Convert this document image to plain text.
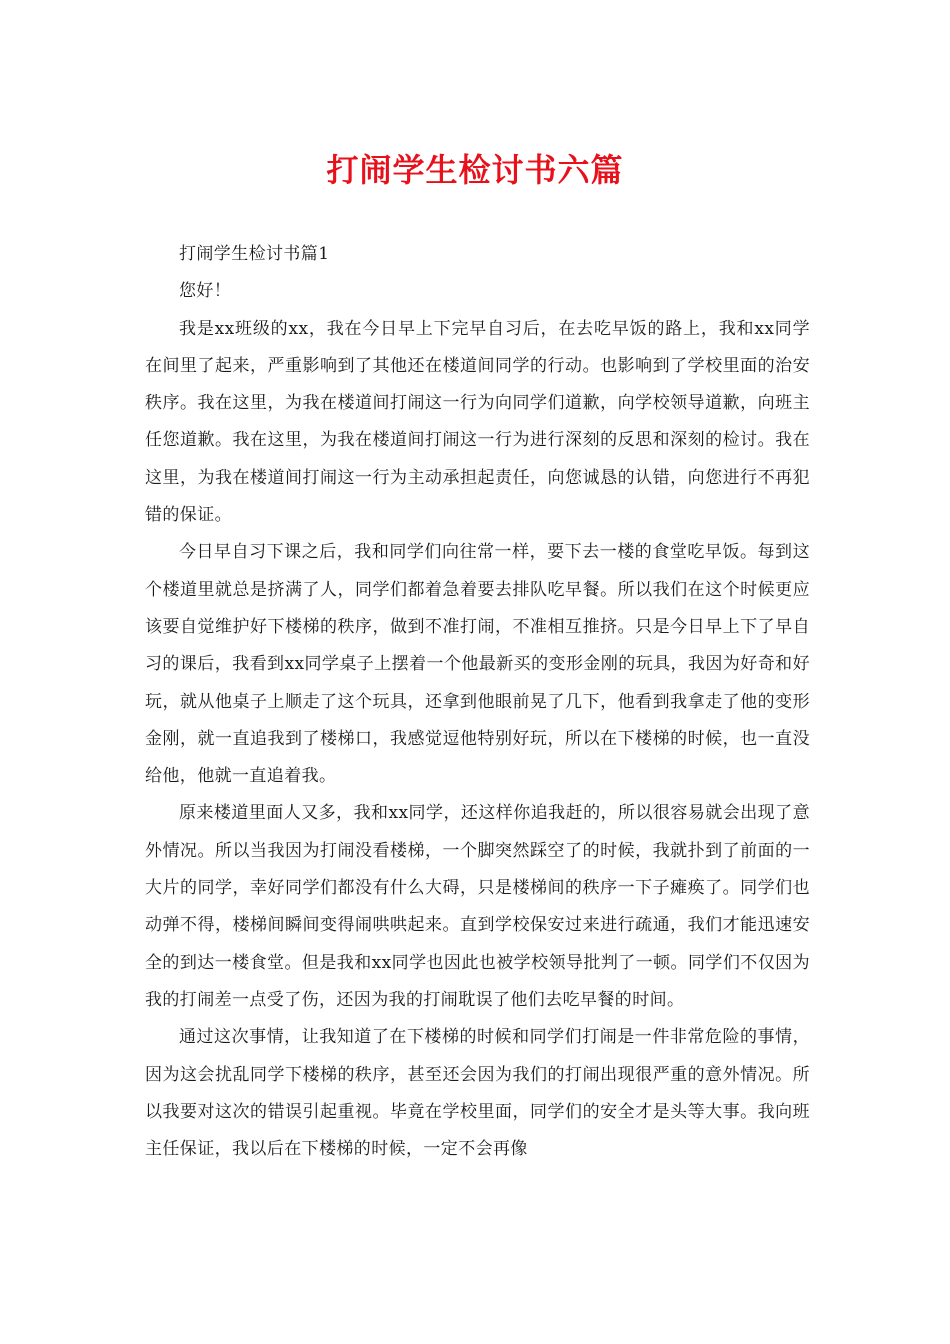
打闹学生检讨书六篇

打闹学生检讨书篇1

您好！

我是xx班级的xx，我在今日早上下完早自习后，在去吃早饭的路上，我和xx同学在间里了起来，严重影响到了其他还在楼道间同学的行动。也影响到了学校里面的治安秩序。我在这里，为我在楼道间打闹这一行为向同学们道歉，向学校领导道歉，向班主任您道歉。我在这里，为我在楼道间打闹这一行为进行深刻的反思和深刻的检讨。我在这里，为我在楼道间打闹这一行为主动承担起责任，向您诚恳的认错，向您进行不再犯错的保证。

今日早自习下课之后，我和同学们向往常一样，要下去一楼的食堂吃早饭。每到这个楼道里就总是挤满了人，同学们都着急着要去排队吃早餐。所以我们在这个时候更应该要自觉维护好下楼梯的秩序，做到不准打闹，不准相互推挤。只是今日早上下了早自习的课后，我看到xx同学桌子上摆着一个他最新买的变形金刚的玩具，我因为好奇和好玩，就从他桌子上顺走了这个玩具，还拿到他眼前晃了几下，他看到我拿走了他的变形金刚，就一直追我到了楼梯口，我感觉逗他特别好玩，所以在下楼梯的时候，也一直没给他，他就一直追着我。

原来楼道里面人又多，我和xx同学，还这样你追我赶的，所以很容易就会出现了意外情况。所以当我因为打闹没看楼梯，一个脚突然踩空了的时候，我就扑到了前面的一大片的同学，幸好同学们都没有什么大碍，只是楼梯间的秩序一下子瘫痪了。同学们也动弹不得，楼梯间瞬间变得闹哄哄起来。直到学校保安过来进行疏通，我们才能迅速安全的到达一楼食堂。但是我和xx同学也因此也被学校领导批判了一顿。同学们不仅因为我的打闹差一点受了伤，还因为我的打闹耽误了他们去吃早餐的时间。

通过这次事情，让我知道了在下楼梯的时候和同学们打闹是一件非常危险的事情，因为这会扰乱同学下楼梯的秩序，甚至还会因为我们的打闹出现很严重的意外情况。所以我要对这次的错误引起重视。毕竟在学校里面，同学们的安全才是头等大事。我向班主任保证，我以后在下楼梯的时候，一定不会再像
